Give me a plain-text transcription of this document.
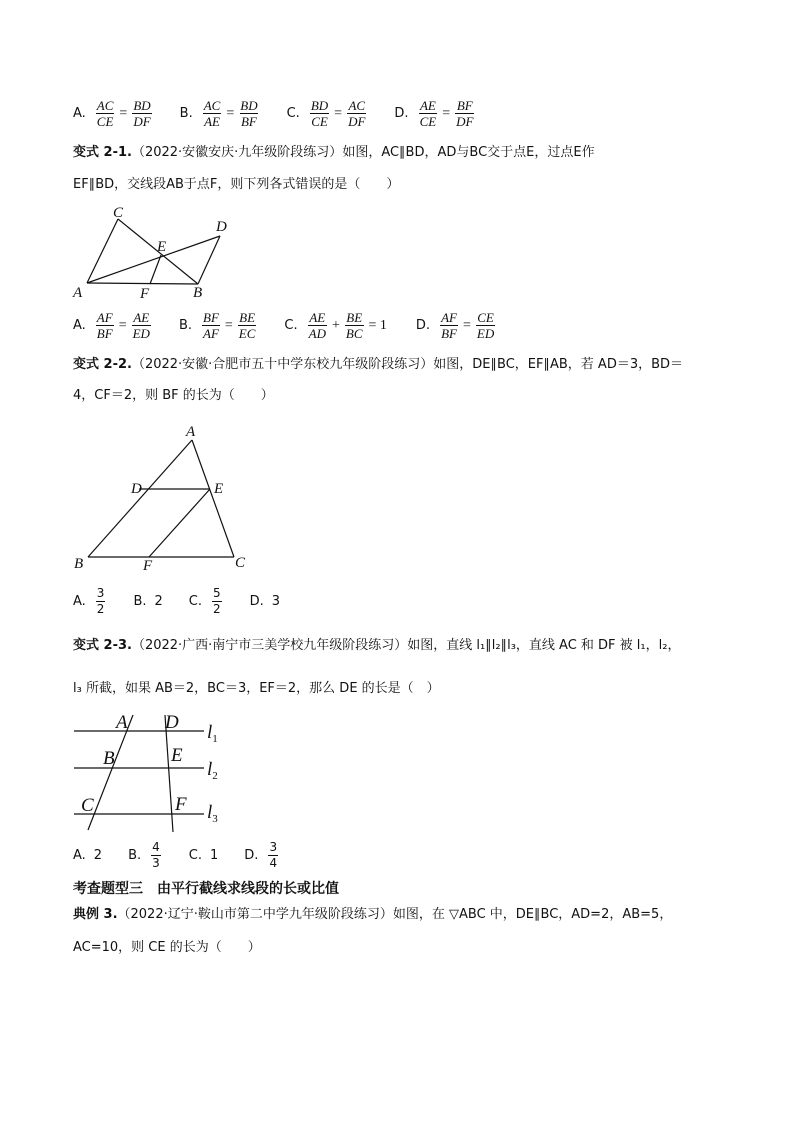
A. $\frac{AC}{CE} = \frac{BD}{DF} B$. $\frac{AC}{AE} = \frac{BD}{BF} C$. $\frac{BD}{CE} = \frac{AC}{DF} D$. $\frac{AE}{CE} = \frac{BF}{DF}$
变式 2-1.（2022·安徽安庆·九年级阶段练习）如图，AC∥BD，AD与BC交于点E，过点E作
EF∥BD，交线段AB于点F，则下列各式错误的是（　　）
C
D
E
A	F	B
A. $\frac{AF}{BF} = \frac{AE}{ED} B$. $\frac{BF}{AF} = \frac{BE}{EC} C$. $\frac{AE}{AD} + \frac{BE}{BC} = 1$ D. $\frac{AF}{BF} = \frac{CE}{ED}$
变式 2-2.（2022·安徽·合肥市五十中学东校九年级阶段练习）如图，DE∥BC，EF∥AB，若 AD＝3，BD＝
4，CF＝2，则 BF 的长为（　　）
A
D	E
B	F	C
A. $\frac{3}{2} B$. 2 C. $\frac{5}{2} D$. 3
变式 2-3.（2022·广西·南宁市三美学校九年级阶段练习）如图，直线 l₁∥l₂∥l₃，直线 AC 和 DF 被 l₁，l₂，
l₃ 所截，如果 AB＝2，BC＝3，EF＝2，那么 DE 的长是（　）
A D
B	E
C	F
$l_1$
$l_2$
$l_3$
A. 2 B. $\frac{4}{3} C$. 1 D. $\frac{3}{4}$
考查题型三　由平行截线求线段的长或比值
典例 3.（2022·辽宁·鞍山市第二中学九年级阶段练习）如图，在 ▽ABC 中，DE∥BC，AD=2，AB=5，
AC=10，则 CE 的长为（　　）
